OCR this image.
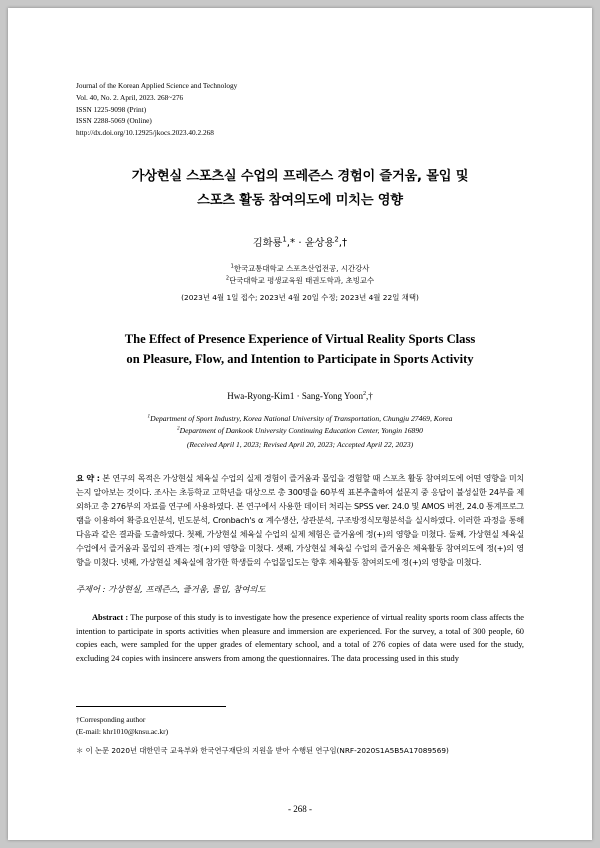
Journal of the Korean Applied Science and Technology
Vol. 40, No. 2. April, 2023. 268~276
ISSN 1225-9098 (Print)
ISSN 2288-5069 (Online)
http://dx.doi.org/10.12925/jkocs.2023.40.2.268
가상현실 스포츠실 수업의 프레즌스 경험이 즐거움, 몰입 및
스포츠 활동 참여의도에 미치는 영향
김화룡$^1$,* · 윤상용$^2$,†
$^1$한국교통대학교 스포츠산업전공, 시간강사
$^2$단국대학교 평생교육원 태권도학과, 초빙교수
(2023년 4월 1일 접수; 2023년 4월 20일 수정; 2023년 4월 22일 채택)
The Effect of Presence Experience of Virtual Reality Sports Class
on Pleasure, Flow, and Intention to Participate in Sports Activity
Hwa-Ryong-Kim1 · Sang-Yong Yoon$^2$,†
$^1$Department of Sport Industry, Korea National University of Transportation, Chungju 27469, Korea
$^2$Department of Dankook University Continuing Education Center, Yongin 16890
(Received April 1, 2023; Revised April 20, 2023; Accepted April 22, 2023)

요 약 : 본 연구의 목적은 가상현실 체육실 수업의 실제 경험이 즐거움과 몰입을 경험할 때 스포츠 활동 참여의도에 어떤 영향을 미치는지 알아보는 것이다. 조사는 초등학교 고학년을 대상으로 총 300명을 60부씩 표본추출하여 설문지 중 응답이 불성실한 24부를 제외하고 총 276부의 자료를 연구에 사용하였다. 본 연구에서 사용한 데이터 처리는 SPSS ver. 24.0 및 AMOS 버전, 24.0 통계프로그램을 이용하여 확증요인분석, 빈도분석, Cronbach's α 계수생산, 상관분석, 구조방정식모형분석을 실시하였다. 이러한 과정을 통해 다음과 같은 결과를 도출하였다. 첫째, 가상현실 체육실 수업의 실제 체험은 즐거움에 정(+)의 영향을 미쳤다. 둘째, 가상현실 체육실 수업에서 즐거움과 몰입의 관계는 정(+)의 영향을 미쳤다. 셋째, 가상현실 체육실 수업의 즐거움은 체육활동 참여의도에 정(+)의 영향을 미쳤다. 넷째, 가상현실 체육실에 참가한 학생들의 수업몰입도는 향후 체육활동 참여의도에 정(+)의 영향을 미쳤다.

주제어 : 가상현실, 프레즌스, 즐거움, 몰입, 참여의도

Abstract : The purpose of this study is to investigate how the presence experience of virtual reality sports room class affects the intention to participate in sports activities when pleasure and immersion are experienced. For the survey, a total of 300 people, 60 copies each, were sampled for the upper grades of elementary school, and a total of 276 copies of data were used for the study, excluding 24 copies with insincere answers from among the questionnaires. The data processing used in this study

†Corresponding author
(E-mail: khr1010@knsu.ac.kr)
＊ 이 논문 2020년 대한민국 교육부와 한국연구재단의 지원을 받아 수행된 연구임(NRF-2020S1A5B5A17089569)
- 268 -
